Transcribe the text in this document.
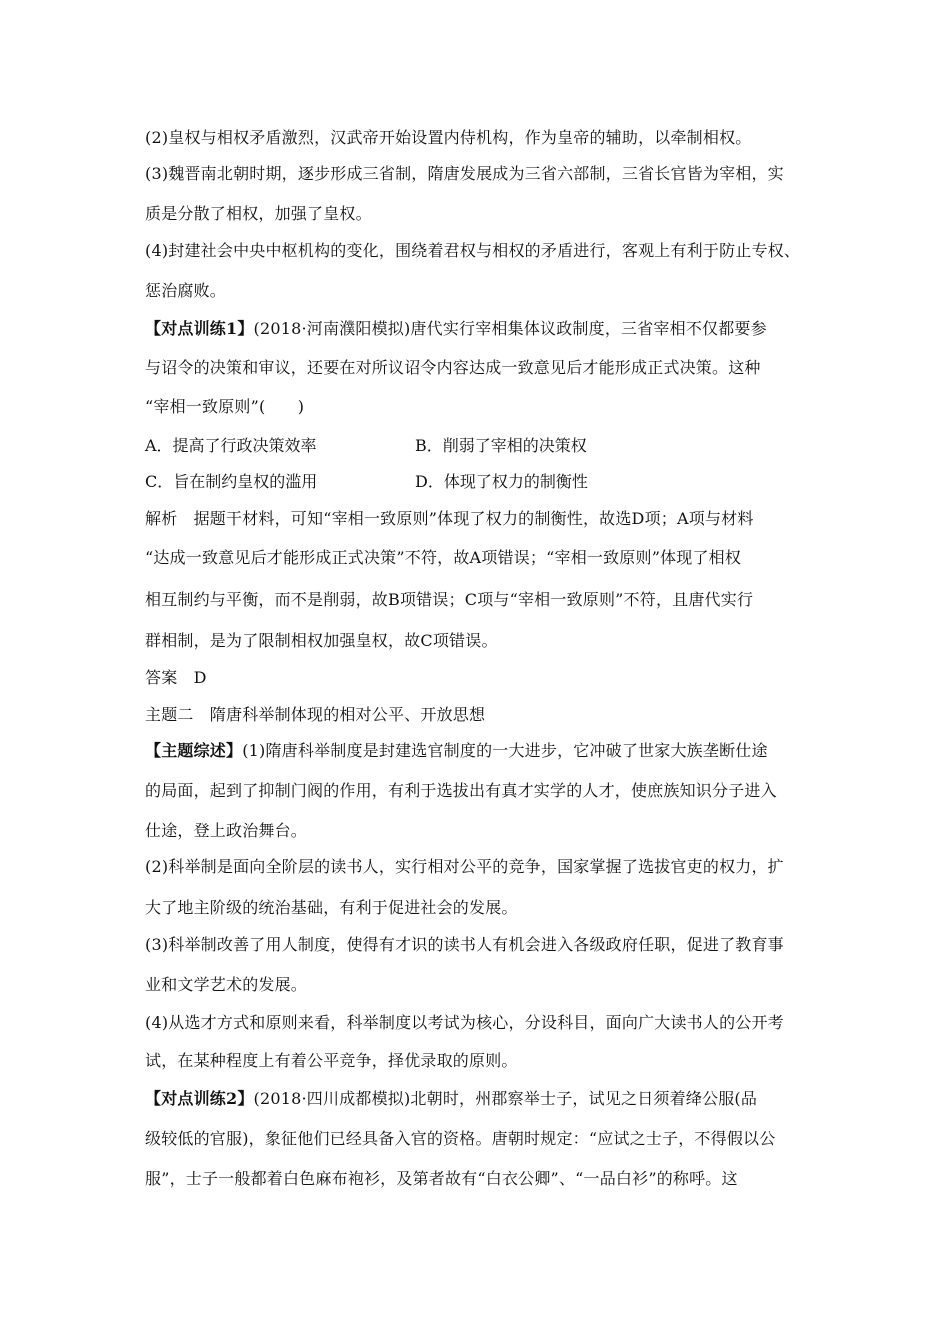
(2)皇权与相权矛盾激烈，汉武帝开始设置内侍机构，作为皇帝的辅助，以牵制相权。
(3)魏晋南北朝时期，逐步形成三省制，隋唐发展成为三省六部制，三省长官皆为宰相，实
质是分散了相权，加强了皇权。
(4)封建社会中央中枢机构的变化，围绕着君权与相权的矛盾进行，客观上有利于防止专权、
惩治腐败。
【对点训练1】(2018·河南濮阳模拟)唐代实行宰相集体议政制度，三省宰相不仅都要参
与诏令的决策和审议，还要在对所议诏令内容达成一致意见后才能形成正式决策。这种
“宰相一致原则”(　　)
A．提高了行政决策效率	B．削弱了宰相的决策权
C．旨在制约皇权的滥用	D．体现了权力的制衡性
解析　据题干材料，可知“宰相一致原则”体现了权力的制衡性，故选D项；A项与材料
“达成一致意见后才能形成正式决策”不符，故A项错误；“宰相一致原则”体现了相权
相互制约与平衡，而不是削弱，故B项错误；C项与“宰相一致原则”不符，且唐代实行
群相制，是为了限制相权加强皇权，故C项错误。
答案　D
主题二　隋唐科举制体现的相对公平、开放思想
【主题综述】(1)隋唐科举制度是封建选官制度的一大进步，它冲破了世家大族垄断仕途
的局面，起到了抑制门阀的作用，有利于选拔出有真才实学的人才，使庶族知识分子进入
仕途，登上政治舞台。
(2)科举制是面向全阶层的读书人，实行相对公平的竞争，国家掌握了选拔官吏的权力，扩
大了地主阶级的统治基础，有利于促进社会的发展。
(3)科举制改善了用人制度，使得有才识的读书人有机会进入各级政府任职，促进了教育事
业和文学艺术的发展。
(4)从选才方式和原则来看，科举制度以考试为核心，分设科目，面向广大读书人的公开考
试，在某种程度上有着公平竞争，择优录取的原则。
【对点训练2】(2018·四川成都模拟)北朝时，州郡察举士子，试见之日须着绛公服(品
级较低的官服)，象征他们已经具备入官的资格。唐朝时规定：“应试之士子，不得假以公
服”，士子一般都着白色麻布袍衫，及第者故有“白衣公卿”、“一品白衫”的称呼。这
